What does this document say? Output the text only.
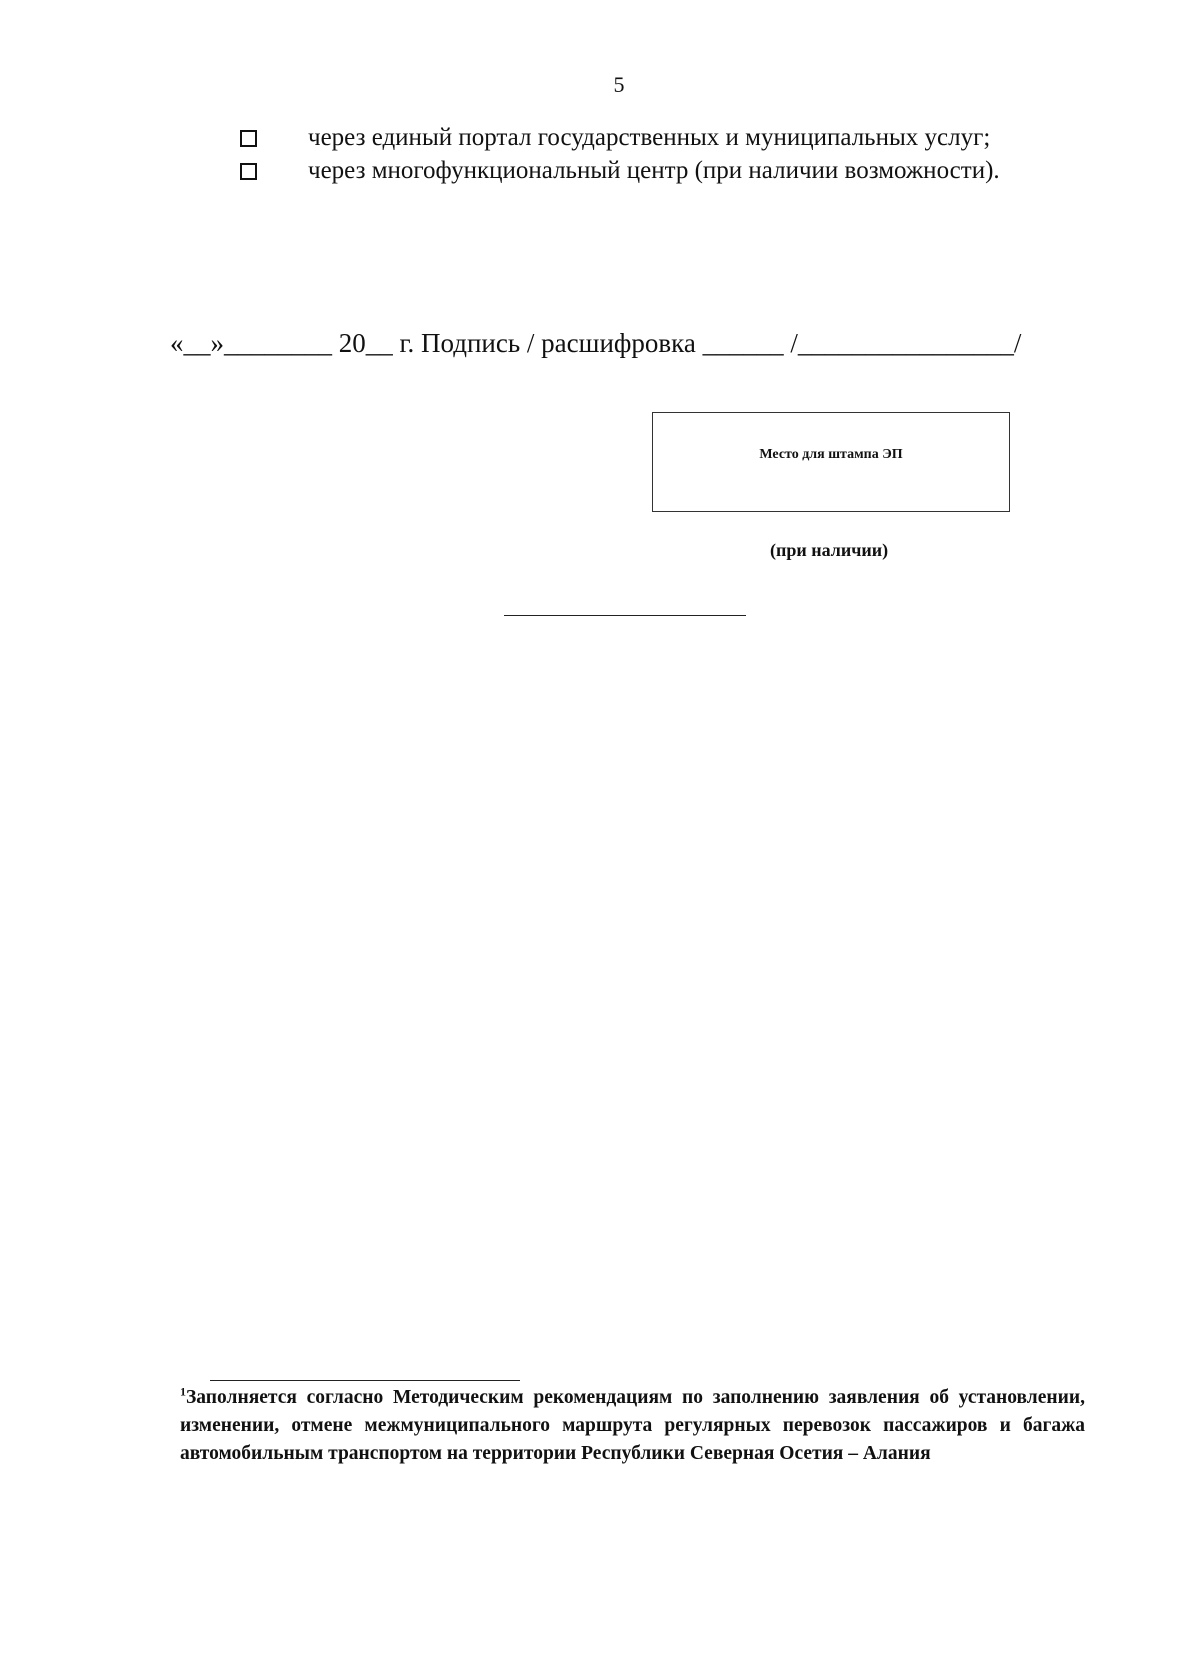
5
через единый портал государственных и муниципальных услуг;
через многофункциональный центр (при наличии возможности).
«__»________ 20__ г. Подпись / расшифровка ______ /________________/
Место для штампа ЭП
(при наличии)
$^1$Заполняется согласно Методическим рекомендациям по заполнению заявления об установлении, изменении, отмене межмуниципального маршрута регулярных перевозок пассажиров и багажа автомобильным транспортом на территории Республики Северная Осетия – Алания
